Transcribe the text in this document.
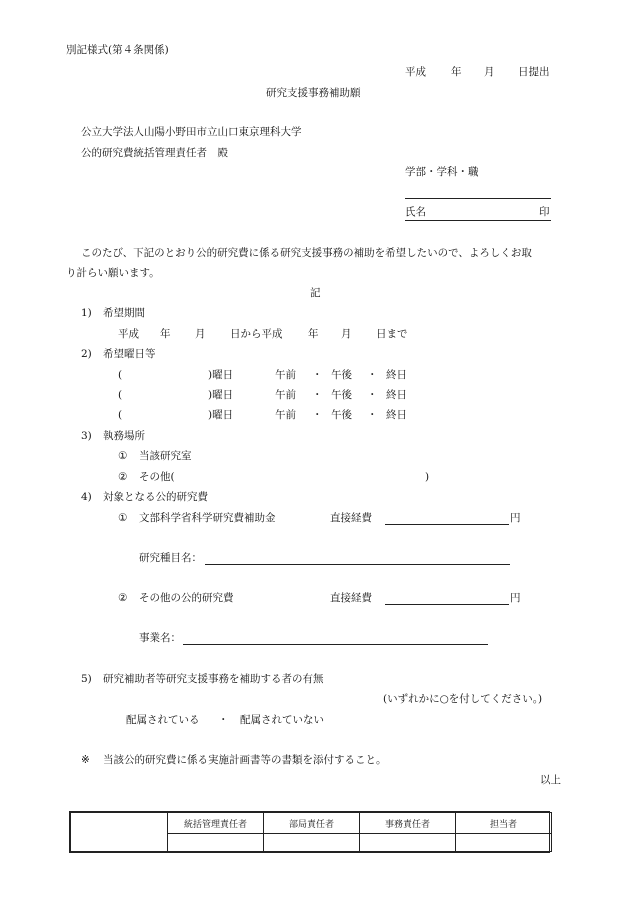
別記様式(第４条関係)
平成 年 月 日提出
研究支援事務補助願
公立大学法人山陽小野田市立山口東京理科大学
公的研究費統括管理責任者　殿
学部・学科・職
氏名	印
このたび、下記のとおり公的研究費に係る研究支援事務の補助を希望したいので、よろしくお取
り計らい願います。
記
1) 希望期間
平成 年 月 日から平成 年 月 日まで
2) 希望曜日等
(	)曜日	午前 ・ 午後 ・ 終日
(	)曜日	午前 ・ 午後 ・ 終日
(	)曜日	午前 ・ 午後 ・ 終日
3) 執務場所
① 当該研究室
② その他(	)
4) 対象となる公的研究費
① 文部科学省科学研究費補助金	直接経費	円
研究種目名：
② その他の公的研究費	直接経費	円
事業名：
5) 研究補助者等研究支援事務を補助する者の有無
(いずれかに○を付してください。)
配属されている ・ 配属されていない
※ 当該公的研究費に係る実施計画書等の書類を添付すること。
以上
	統括管理責任者	部局責任者	事務責任者	担当者
